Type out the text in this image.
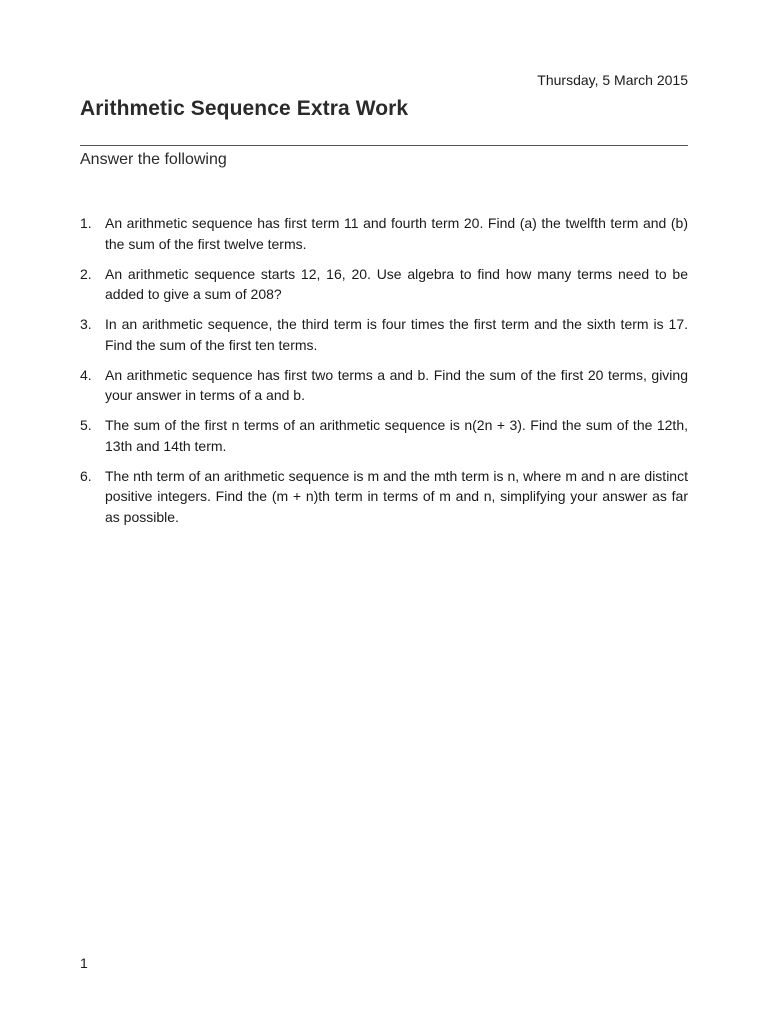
Thursday, 5 March 2015
Arithmetic Sequence Extra Work
Answer the following
1. An arithmetic sequence has first term 11 and fourth term 20. Find (a) the twelfth term and (b) the sum of the first twelve terms.
2. An arithmetic sequence starts 12, 16, 20. Use algebra to find how many terms need to be added to give a sum of 208?
3. In an arithmetic sequence, the third term is four times the first term and the sixth term is 17. Find the sum of the first ten terms.
4. An arithmetic sequence has first two terms a and b. Find the sum of the first 20 terms, giving your answer in terms of a and b.
5. The sum of the first n terms of an arithmetic sequence is n(2n + 3). Find the sum of the 12th, 13th and 14th term.
6. The nth term of an arithmetic sequence is m and the mth term is n, where m and n are distinct positive integers. Find the (m + n)th term in terms of m and n, simplifying your answer as far as possible.
1
